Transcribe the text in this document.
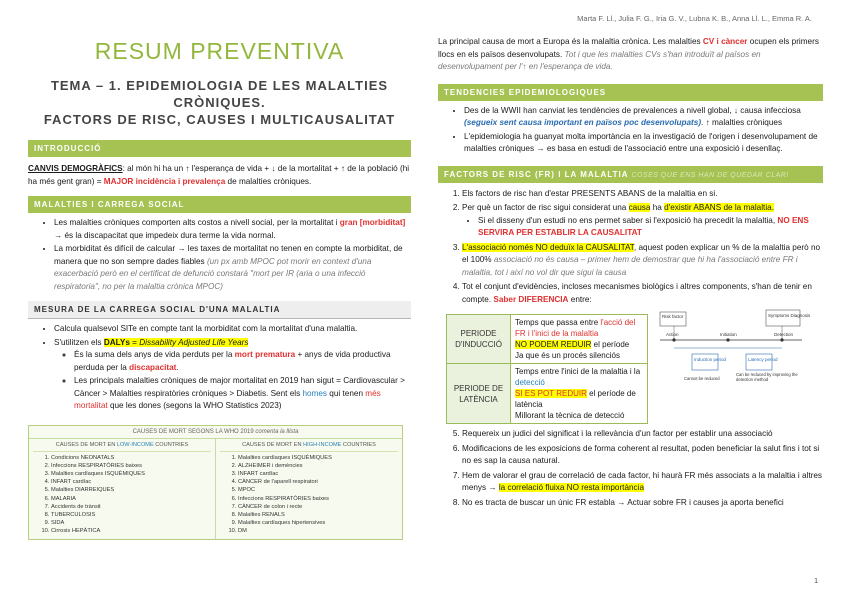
Marta F. Ll., Julia F. G., Iria G. V., Lubna K. B., Anna Ll. L., Emma R. A.
RESUM PREVENTIVA
TEMA – 1. EPIDEMIOLOGIA DE LES MALALTIES CRÒNIQUES.
FACTORS DE RISC, CAUSES I MULTICAUSALITAT
INTRODUCCIÓ

CANVIS DEMOGRÀFICS: al món hi ha un ↑ l'esperança de vida + ↓ de la mortalitat + ↑ de la població (hi ha més gent gran) = MAJOR incidència i prevalença de malalties cròniques.

MALALTIES I CARREGA SOCIAL
• Les malalties cròniques comporten alts costos a nivell social, per la mortalitat i gran [morbiditat] → és la discapacitat que impedeix dura terme la vida normal.
• La morbiditat és difícil de calcular → les taxes de mortalitat no tenen en compte la morbiditat, de manera que no son sempre dades fiables (un px amb MPOC pot morir en context d'una exacerbació però en el certificat de defunció constarà "mort per IR (aria o una infecció respiratoria", no per la malaltia crònica MPOC)
MESURA DE LA CARREGA SOCIAL D'UNA MALALTIA
• Calcula qualsevol SITe en compte tant la morbiditat com la mortalitat d'una malaltia.
• S'utilitzen els DALYs = Dissability Adjusted Life Years
◦ És la suma dels anys de vida perduts per la mort prematura + anys de vida productiva perduda per la discapacitat.
◦ Les principals malalties cròniques de major mortalitat en 2019 han sigut = Cardiovascular > Càncer > Malalties respiratòries cròniques > Diabetis. Sent els homes qui tenen més mortalitat que les dones (segons la WHO Statistics 2023)
CAUSES DE MORT SEGONS LA WHO 2019 comenta la llista
CAUSES DE MORT EN LOW-INCOME COUNTRIES
1. Condicions NEONATALS
2. Infeccions RESPIRATÒRIES baixes
3. Malalties cardíaques ISQUÈMIQUES
4. INFART cardíac
5. Malalties DIARREIQUES
6. MALARIA
7. Accidents de trànsit
8. TUBERCULOSIS
9. SIDA
10. Cirrosis HEPÀTICA
CAUSES DE MORT EN HIGH-INCOME COUNTRIES
1. Malalties cardíaques ISQUÈMIQUES
2. ALZHEIMER i demències
3. INFART cardíac
4. CÀNCER de l'aparell respiratori
5. MPOC
6. Infeccions RESPIRATÒRIES baixes
7. CÀNCER de colon i recte
8. Malalties RENALS
9. Malalties cardíaques hipertensives
10. DM

La principal causa de mort a Europa és la malaltia crònica. Les malalties CV i càncer ocupen els primers llocs en els països desenvolupats. Tot i que les malalties CVs s'han introduït al països en desenvolupament per l'↑ en l'esperança de vida.

TENDENCIES EPIDEMIOLOGIQUES
• Des de la WWII han canviat les tendències de prevalences a nivell global, ↓ causa infecciosa (segueix sent causa important en països poc desenvolupats). ↑ malalties cròniques
• L'epidemiologia ha guanyat molta importància en la investigació de l'origen i desenvolupament de malalties cròniques → es basa en estudi de l'associació entre una exposició i desenllaç.
FACTORS DE RISC (FR) I LA MALALTIA COSES QUE ENS HAN DE QUEDAR CLAR!
1. Els factors de risc han d'estar PRESENTS ABANS de la malaltia en si.
2. Per què un factor de risc sigui considerat una causa ha d'existir ABANS de la malaltia.
• Si el disseny d'un estudi no ens permet saber si l'exposició ha precedit la malaltia, NO ENS SERVIRA PER ESTABLIR LA CAUSALITAT
3. L'associació només NO deduïx la CAUSALITAT, aquest poden explicar un % de la malaltia però no el 100% associació no és causa – primer hem de demostrar que hi ha l'associació entre FR i malaltia, tot i així no vol dir que sigui la causa
4. Tot el conjunt d'evidències, incloses mecanismes biològics i altres components, s'han de tenir en compte. Saber DIFERENCIA entre:
PERIODE D'INDUCCIÓ	Temps que passa entre l'acció del FR i l'inici de la malaltia
NO PODEM REDUIR el període
Ja que és un procés silenciós
PERIODE DE LATÈNCIA	Temps entre l'inici de la malaltia i la detecció
SI ES POT REDUIR el període de latència
Millorant la tècnica de detecció
Risk factor	Symptoms Diagnosis
Action	Initiation	Detection
Induction period	Latency period
Cannot be reduced
Can be reduced by improving the detection method
5. Requereix un judici del significat i la rellevància d'un factor per establir una associació
6. Modificacions de les exposicions de forma coherent al resultat, poden beneficiar la salut fins i tot si no es sap la causa natural.
7. Hem de valorar el grau de correlació de cada factor, hi haurà FR més associats a la malaltia i altres menys → la correlació fluixa NO resta importància
8. No es tracta de buscar un únic FR establa → Actuar sobre FR i causes ja aporta benefici
1
